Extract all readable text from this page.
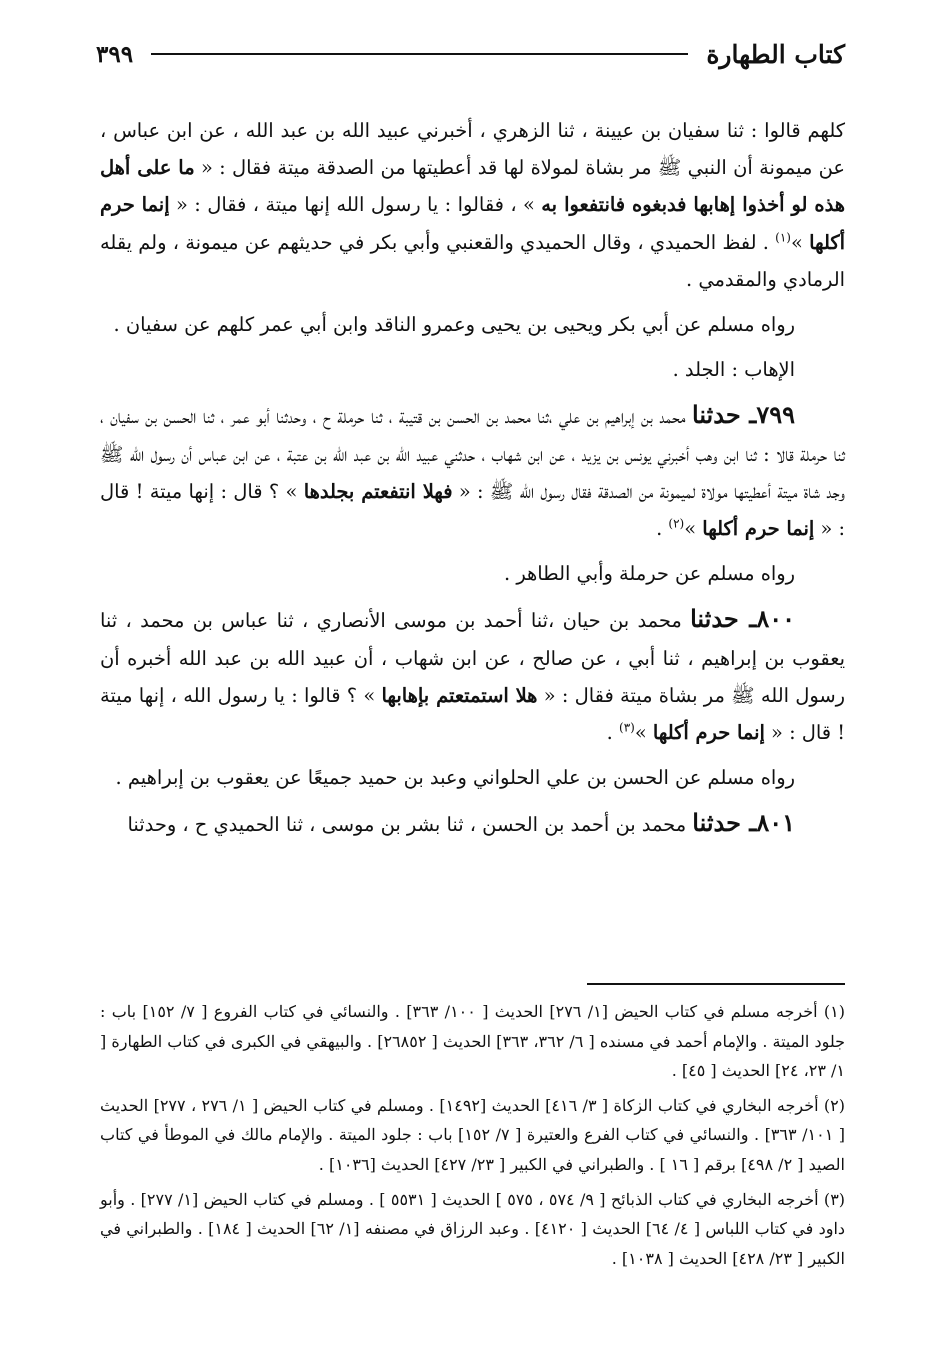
كتاب الطهارة
٣٩٩

كلهم قالوا : ثنا سفيان بن عيينة ، ثنا الزهري ، أخبرني عبيد الله بن عبد الله ، عن ابن عباس ، عن ميمونة أن النبي ﷺ مر بشاة لمولاة لها قد أعطيتها من الصدقة ميتة فقال : « ما على أهل هذه لو أخذوا إهابها فدبغوه فانتفعوا به » ، فقالوا : يا رسول الله إنها ميتة ، فقال : « إنما حرم أكلها »$^{(١)}$ . لفظ الحميدي ، وقال الحميدي والقعنبي وأبي بكر في حديثهم عن ميمونة ، ولم يقله الرمادي والمقدمي .

رواه مسلم عن أبي بكر ويحيى بن يحيى وعمرو الناقد وابن أبي عمر كلهم عن سفيان .

الإهاب : الجلد .

٧٩٩ـ حدثنا محمد بن إبراهيم بن علي ،ثنا محمد بن الحسن بن قتيبة ، ثنا حرملة ح ، وحدثنا أبو عمر ، ثنا الحسن بن سفيان ، ثنا حرملة قالا : ثنا ابن وهب أخبرني يونس بن يزيد ، عن ابن شهاب ، حدثني عبيد الله بن عبد الله بن عتبة ، عن ابن عباس أن رسول الله ﷺ وجد شاة ميتة أعطيتها مولاة لميمونة من الصدقة فقال رسول الله ﷺ : « فهلا انتفعتم بجلدها » ؟ قال : إنها ميتة ! قال : « إنما حرم أكلها »$^{(٢)}$ .

رواه مسلم عن حرملة وأبي الطاهر .

٨٠٠ـ حدثنا محمد بن حيان ،ثنا أحمد بن موسى الأنصاري ، ثنا عباس بن محمد ، ثنا يعقوب بن إبراهيم ، ثنا أبي ، عن صالح ، عن ابن شهاب ، أن عبيد الله بن عبد الله أخبره أن رسول الله ﷺ مر بشاة ميتة فقال : « هلا استمتعتم بإهابها » ؟ قالوا : يا رسول الله ، إنها ميتة ! قال : « إنما حرم أكلها »$^{(٣)}$ .

رواه مسلم عن الحسن بن علي الحلواني وعبد بن حميد جميعًا عن يعقوب بن إبراهيم .

٨٠١ـ حدثنا محمد بن أحمد بن الحسن ، ثنا بشر بن موسى ، ثنا الحميدي ح ، وحدثنا

(١) أخرجه مسلم في كتاب الحيض [١/ ٢٧٦] الحديث [ ١٠٠/ ٣٦٣] . والنسائي في كتاب الفروع [ ٧/ ١٥٢] باب : جلود الميتة . والإمام أحمد في مسنده [ ٦/ ٣٦٢، ٣٦٣] الحديث [ ٢٦٨٥٢] . والبيهقي في الكبرى في كتاب الطهارة [ ١/ ٢٣، ٢٤] الحديث [ ٤٥] .

(٢) أخرجه البخاري في كتاب الزكاة [ ٣/ ٤١٦] الحديث [١٤٩٢] . ومسلم في كتاب الحيض [ ١/ ٢٧٦ ، ٢٧٧] الحديث [ ١٠١/ ٣٦٣] . والنسائي في كتاب الفرع والعتيرة [ ٧/ ١٥٢] باب : جلود الميتة . والإمام مالك في الموطأ في كتاب الصيد [ ٢/ ٤٩٨] برقم [ ١٦ ] . والطبراني في الكبير [ ٢٣/ ٤٢٧] الحديث [١٠٣٦] .

(٣) أخرجه البخاري في كتاب الذبائح [ ٩/ ٥٧٤ ، ٥٧٥ ] الحديث [ ٥٥٣١ ] . ومسلم في كتاب الحيض [١/ ٢٧٧] . وأبو داود في كتاب اللباس [ ٤/ ٦٤] الحديث [ ٤١٢٠] . وعبد الرزاق في مصنفه [١/ ٦٢] الحديث [ ١٨٤] . والطبراني في الكبير [ ٢٣/ ٤٢٨] الحديث [ ١٠٣٨] .
